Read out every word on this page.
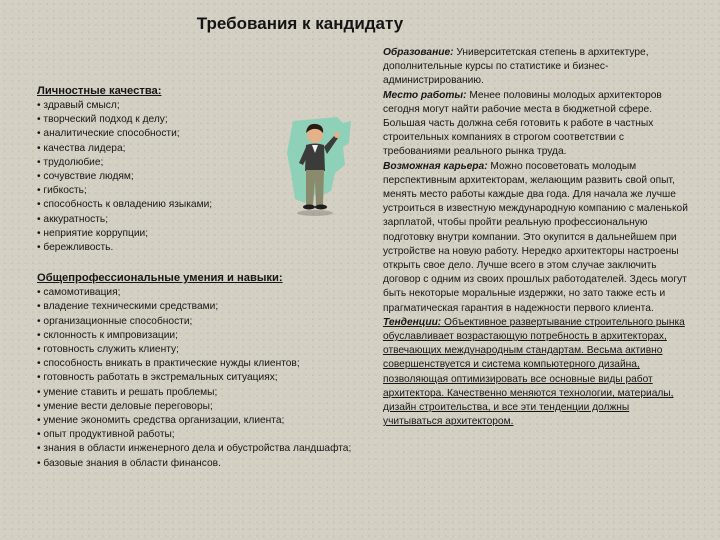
Требования к кандидату
Личностные качества:

• здравый смысл;

• творческий подход к делу;

• аналитические способности;

• качества лидера;

• трудолюбие;

• сочувствие людям;

• гибкость;

• способность к овладению языками;

• аккуратность;

• неприятие коррупции;

• бережливость.

Общепрофессиональные умения и навыки:

• самомотивация;

• владение техническими средствами;

• организационные способности;

• склонность к импровизации;

• готовность служить клиенту;

• способность вникать в практические нужды клиентов;

• готовность работать в экстремальных ситуациях;

• умение ставить и решать проблемы;

• умение вести деловые переговоры;

• умение экономить средства организации, клиента;

• опыт продуктивной работы;

• знания в области инженерного дела и обустройства ландшафта;

• базовые знания в области финансов.

Образование: Университетская степень в архитектуре, дополнительные курсы по статистике и бизнес-администрированию.

Место работы: Менее половины молодых архитекторов сегодня могут найти рабочие места в бюджетной сфере. Большая часть должна себя готовить к работе в частных строительных компаниях в строгом соответствии с требованиями реального рынка труда.

Возможная карьера: Можно посоветовать молодым перспективным архитекторам, желающим развить свой опыт, менять место работы каждые два года. Для начала же лучше устроиться в известную международную компанию с маленькой зарплатой, чтобы пройти реальную профессиональную подготовку внутри компании. Это окупится в дальнейшем при устройстве на новую работу. Нередко архитекторы настроены открыть свое дело. Лучше всего в этом случае заключить договор с одним из своих прошлых работодателей. Здесь могут быть некоторые моральные издержки, но зато также есть и прагматическая гарантия в надежности первого клиента.

Тенденции: Объективное развертывание строительного рынка обуславливает возрастающую потребность в архитекторах, отвечающих международным стандартам. Весьма активно совершенствуется и система компьютерного дизайна, позволяющая оптимизировать все основные виды работ архитектора. Качественно меняются технологии, материалы, дизайн строительства, и все эти тенденции должны учитываться архитектором.
